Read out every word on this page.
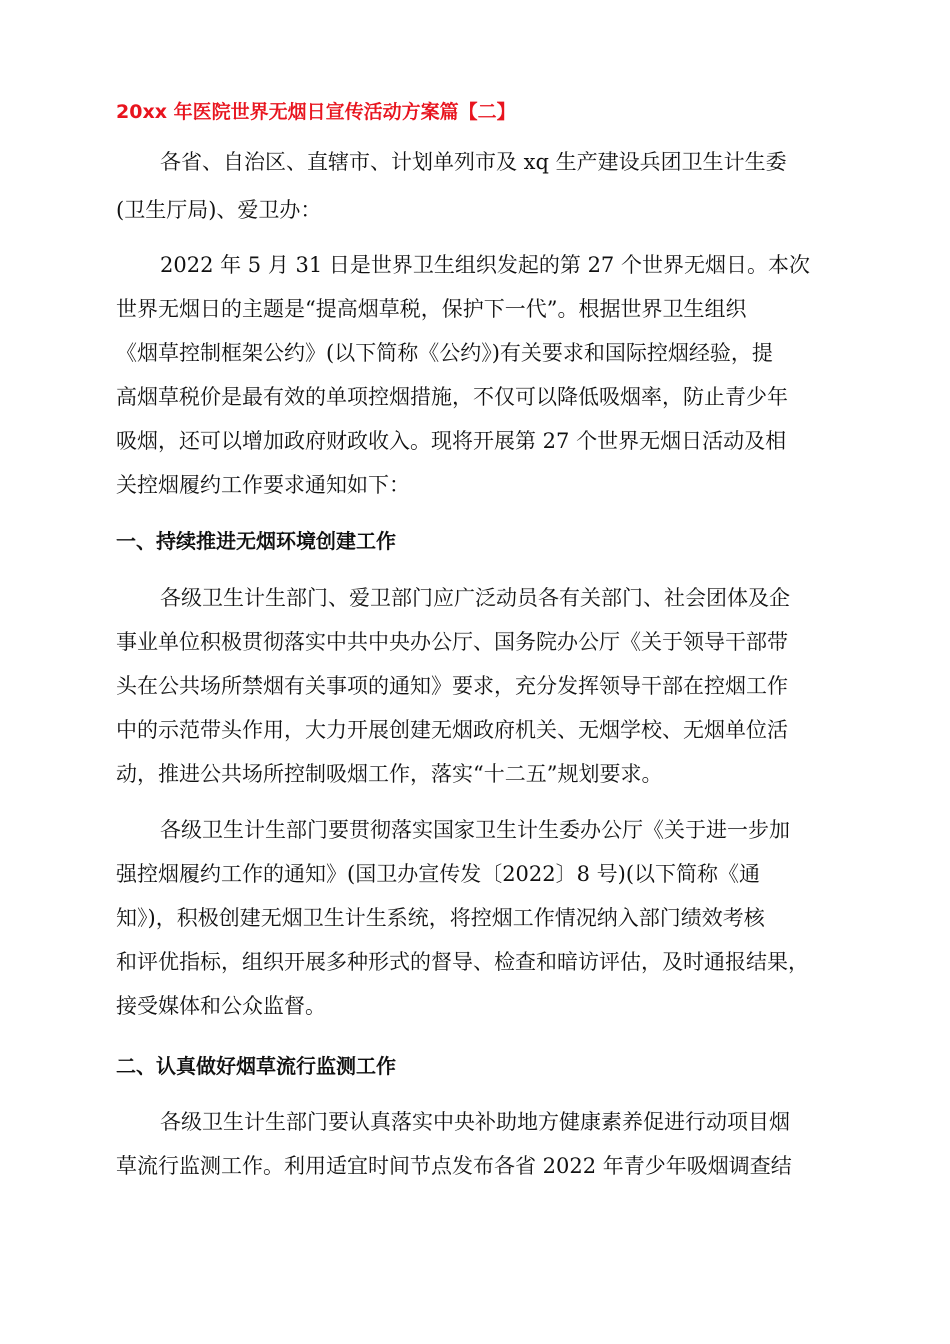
20xx 年医院世界无烟日宣传活动方案篇【二】
各省、自治区、直辖市、计划单列市及 xq 生产建设兵团卫生计生委
(卫生厅局)、爱卫办：
2022 年 5 月 31 日是世界卫生组织发起的第 27 个世界无烟日。本次
世界无烟日的主题是“提高烟草税，保护下一代”。根据世界卫生组织
《烟草控制框架公约》(以下简称《公约》)有关要求和国际控烟经验，提
高烟草税价是最有效的单项控烟措施，不仅可以降低吸烟率，防止青少年
吸烟，还可以增加政府财政收入。现将开展第 27 个世界无烟日活动及相
关控烟履约工作要求通知如下：
一、持续推进无烟环境创建工作
各级卫生计生部门、爱卫部门应广泛动员各有关部门、社会团体及企
事业单位积极贯彻落实中共中央办公厅、国务院办公厅《关于领导干部带
头在公共场所禁烟有关事项的通知》要求，充分发挥领导干部在控烟工作
中的示范带头作用，大力开展创建无烟政府机关、无烟学校、无烟单位活
动，推进公共场所控制吸烟工作，落实“十二五”规划要求。
各级卫生计生部门要贯彻落实国家卫生计生委办公厅《关于进一步加
强控烟履约工作的通知》(国卫办宣传发〔2022〕8 号)(以下简称《通
知》)，积极创建无烟卫生计生系统，将控烟工作情况纳入部门绩效考核
和评优指标，组织开展多种形式的督导、检查和暗访评估，及时通报结果，
接受媒体和公众监督。
二、认真做好烟草流行监测工作
各级卫生计生部门要认真落实中央补助地方健康素养促进行动项目烟
草流行监测工作。利用适宜时间节点发布各省 2022 年青少年吸烟调查结
